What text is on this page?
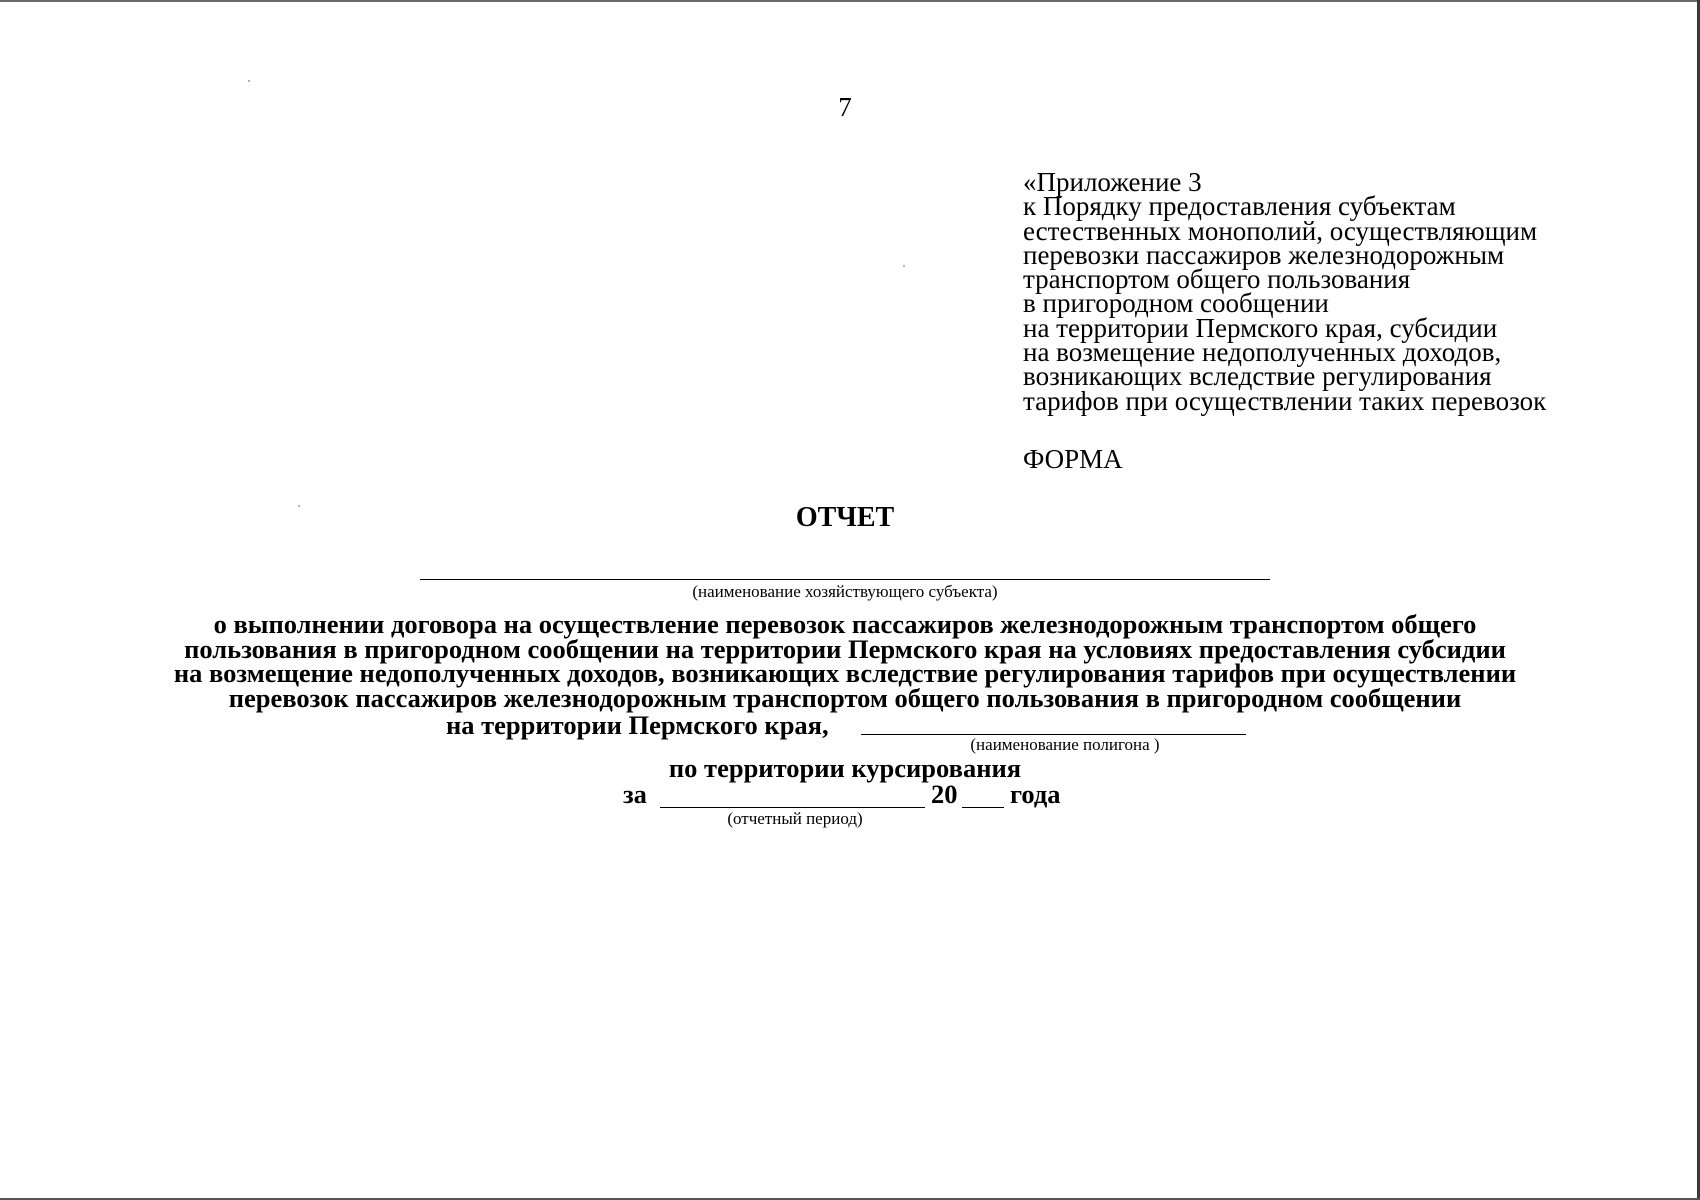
7
«Приложение 3
к Порядку предоставления субъектам
естественных монополий, осуществляющим
перевозки пассажиров железнодорожным
транспортом общего пользования
в пригородном сообщении
на территории Пермского края, субсидии
на возмещение недополученных доходов,
возникающих вследствие регулирования
тарифов при осуществлении таких перевозок
ФОРМА
ОТЧЕТ
(наименование хозяйствующего субъекта)
о выполнении договора на осуществление перевозок пассажиров железнодорожным транспортом общего
пользования в пригородном сообщении на территории Пермского края на условиях предоставления субсидии
на возмещение недополученных доходов, возникающих вследствие регулирования тарифов при осуществлении
перевозок пассажиров железнодорожным транспортом общего пользования в пригородном сообщении
на территории Пермского края,
(наименование полигона )
по территории курсирования
за	20 года
(отчетный период)
